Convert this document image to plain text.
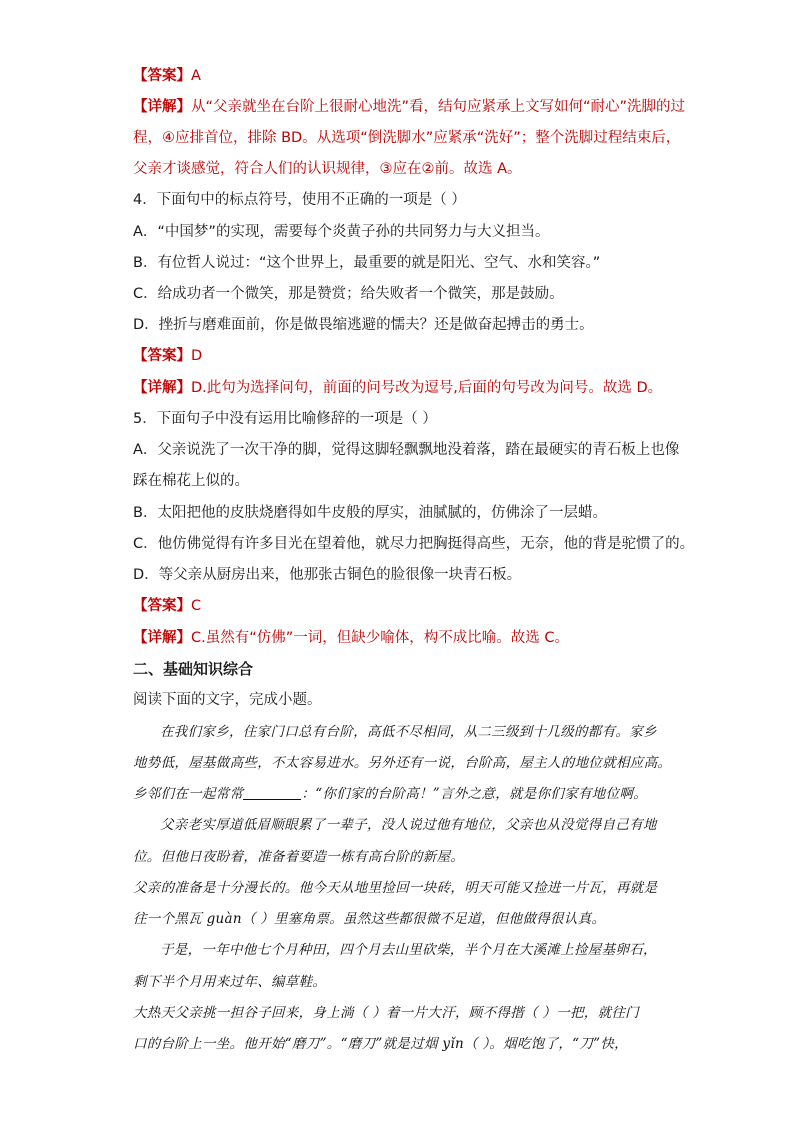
【答案】A
【详解】从“父亲就坐在台阶上很耐心地洗”看，结句应紧承上文写如何“耐心”洗脚的过
程，④应排首位，排除 BD。从选项“倒洗脚水”应紧承“洗好”；整个洗脚过程结束后，
父亲才谈感觉，符合人们的认识规律，③应在②前。故选 A。
4．下面句中的标点符号，使用不正确的一项是（ ）
A．“中国梦”的实现，需要每个炎黄子孙的共同努力与大义担当。
B．有位哲人说过：“这个世界上，最重要的就是阳光、空气、水和笑容。”
C．给成功者一个微笑，那是赞赏；给失败者一个微笑，那是鼓励。
D．挫折与磨难面前，你是做畏缩逃避的懦夫？还是做奋起搏击的勇士。
【答案】D
【详解】D.此句为选择问句，前面的问号改为逗号,后面的句号改为问号。故选 D。
5．下面句子中没有运用比喻修辞的一项是（ ）
A．父亲说洗了一次干净的脚，觉得这脚轻飘飘地没着落，踏在最硬实的青石板上也像
踩在棉花上似的。
B．太阳把他的皮肤烧磨得如牛皮般的厚实，油腻腻的，仿佛涂了一层蜡。
C．他仿佛觉得有许多目光在望着他，就尽力把胸挺得高些，无奈，他的背是驼惯了的。
D．等父亲从厨房出来，他那张古铜色的脸很像一块青石板。
【答案】C
【详解】C.虽然有“仿佛”一词，但缺少喻体，构不成比喻。故选 C。
二、基础知识综合
阅读下面的文字，完成小题。
在我们家乡，住家门口总有台阶，高低不尽相同，从二三级到十几级的都有。家乡
地势低，屋基做高些，不太容易进水。另外还有一说，台阶高，屋主人的地位就相应高。
乡邻们在一起常常	：“你们家的台阶高！”言外之意，就是你们家有地位啊。
父亲老实厚道低眉顺眼累了一辈子，没人说过他有地位，父亲也从没觉得自己有地
位。但他日夜盼着，准备着要造一栋有高台阶的新屋。
父亲的准备是十分漫长的。他今天从地里捡回一块砖，明天可能又捡进一片瓦，再就是
往一个黑瓦 guàn（ ）里塞角票。虽然这些都很微不足道，但他做得很认真。
于是，一年中他七个月种田，四个月去山里砍柴，半个月在大溪滩上捡屋基卵石，
剩下半个月用来过年、编草鞋。
大热天父亲挑一担谷子回来，身上淌（ ）着一片大汗，顾不得揩（ ）一把，就往门
口的台阶上一坐。他开始“磨刀”。“磨刀”就是过烟 yǐn（ ）。烟吃饱了，“刀”快，
